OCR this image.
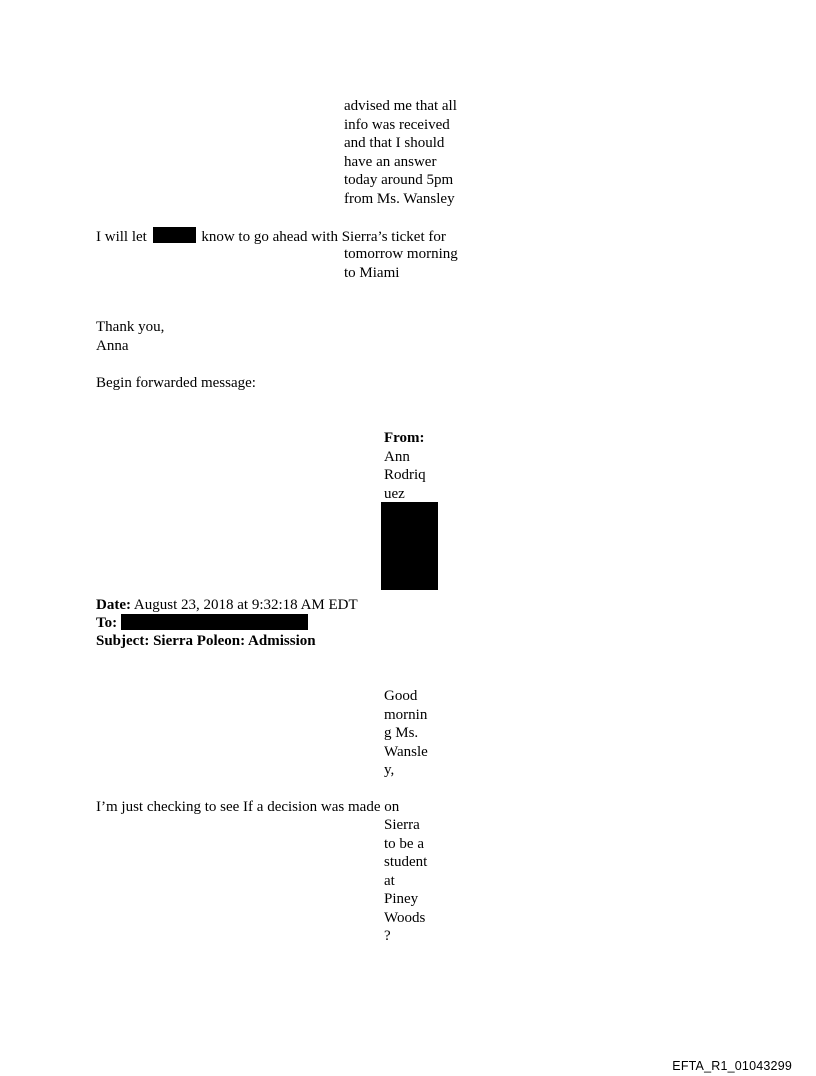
advised me that all
info was received
and that I should
have an answer
today around 5pm
from Ms. Wansley
I will let	know to go ahead with Sierra’s ticket for
tomorrow morning
to Miami
Thank you,
Anna
Begin forwarded message:
From:
Ann
Rodriq
uez
Date: August 23, 2018 at 9:32:18 AM EDT
To:
Subject: Sierra Poleon: Admission
Good
mornin
g Ms.
Wansle
y,
I’m just checking to see If a decision was made on
Sierra
to be a
student
at
Piney
Woods
?
EFTA_R1_01043299
